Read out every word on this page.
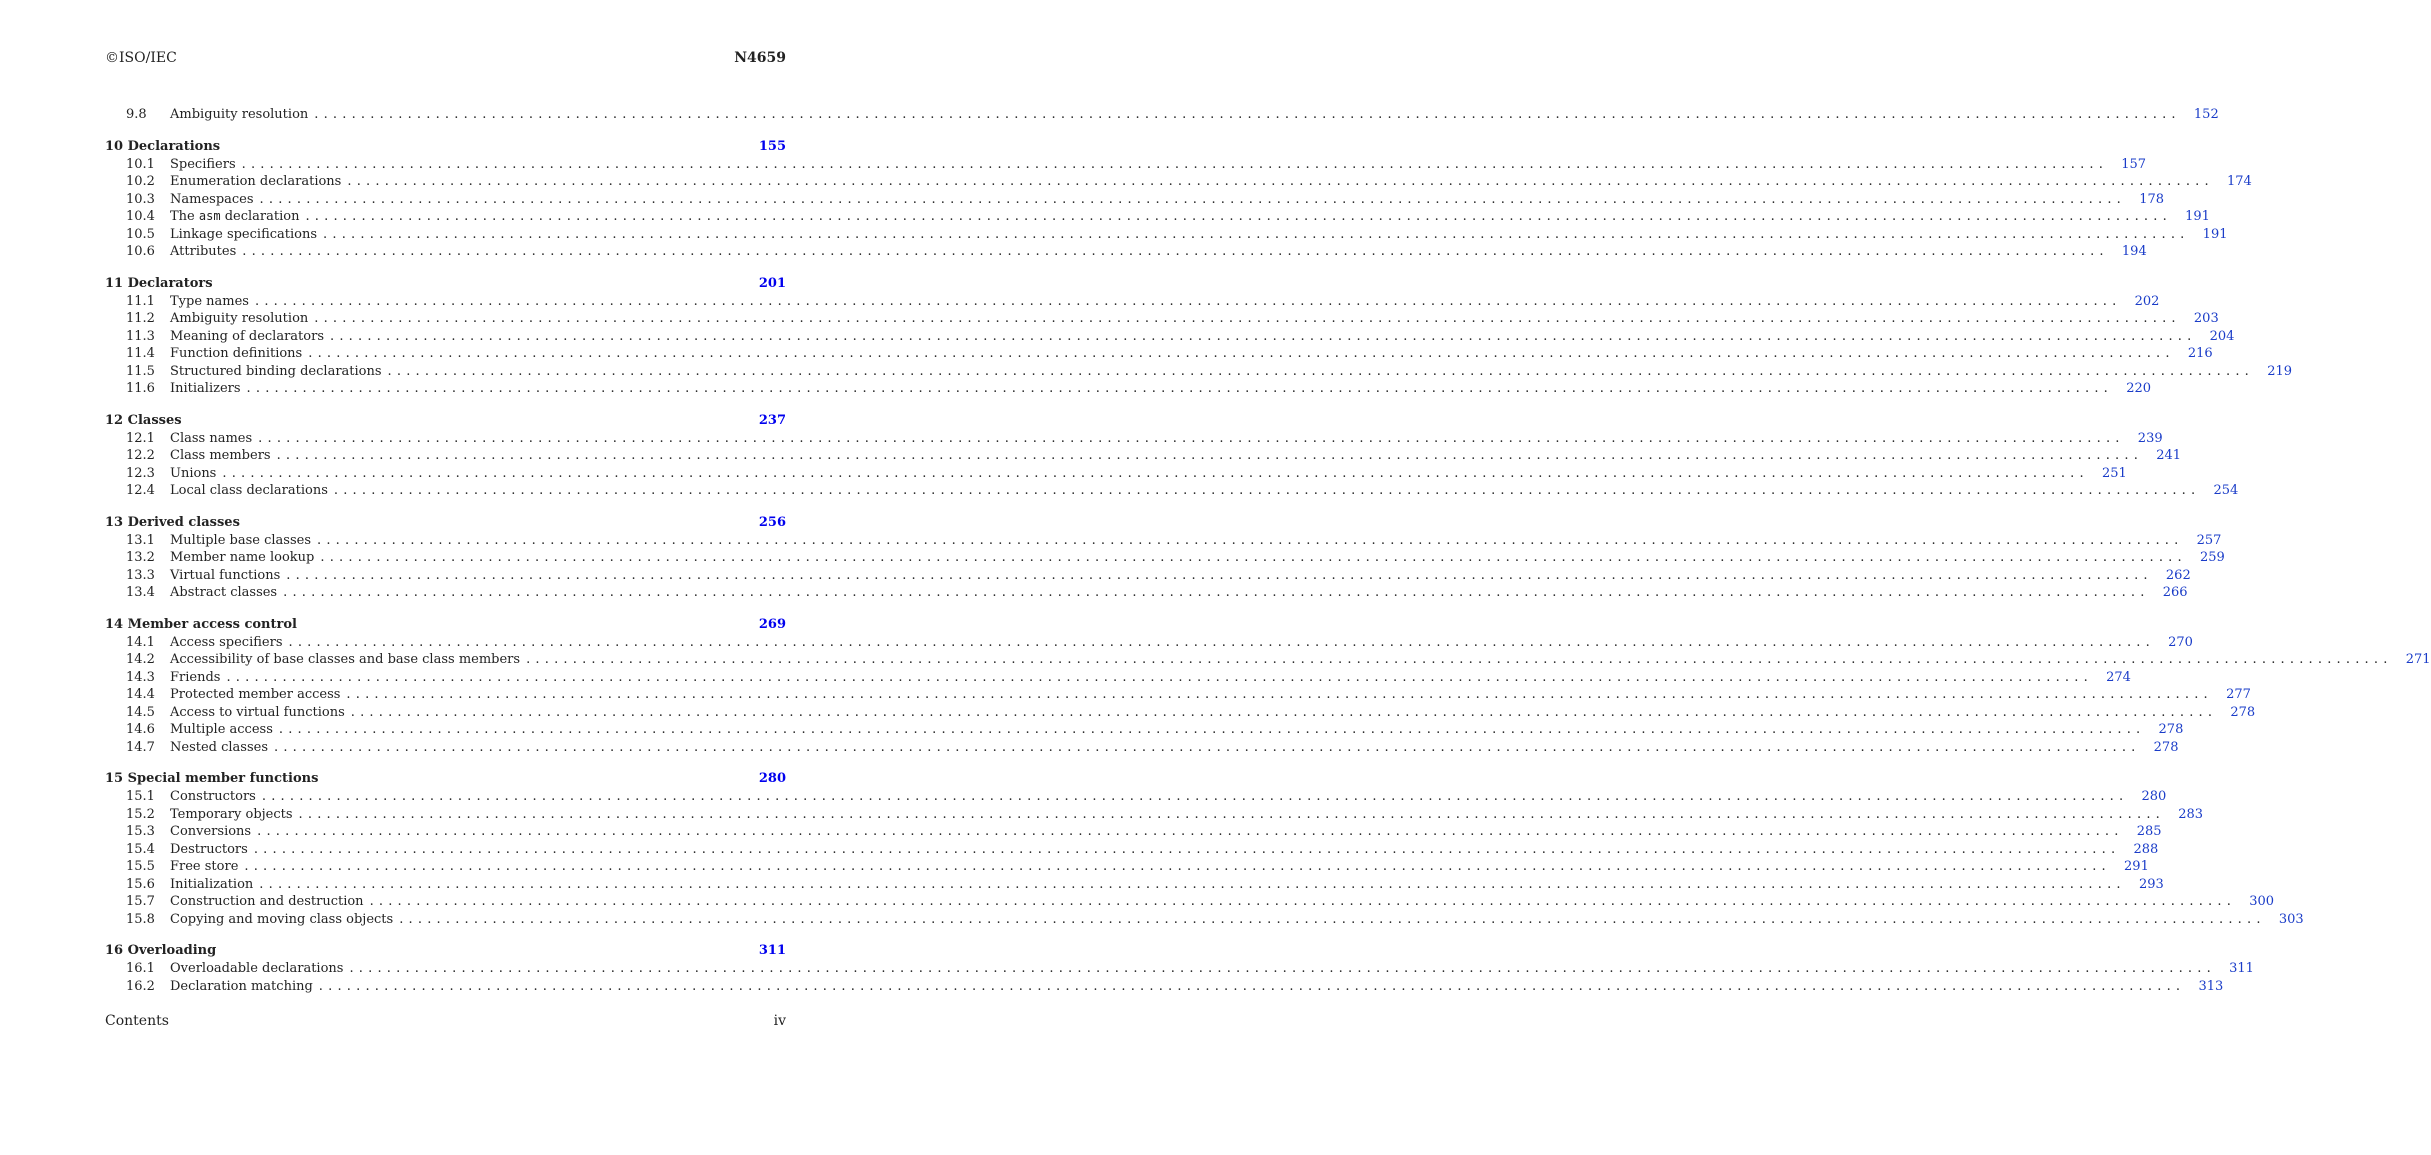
©ISO/IEC	N4659
9.8	Ambiguity resolution ........................................................................................................................................................................................................	152
10 Declarations	155
10.1	Specifiers ........................................................................................................................................................................................................	157
10.2	Enumeration declarations ........................................................................................................................................................................................................	174
10.3	Namespaces ........................................................................................................................................................................................................	178
10.4	The asm declaration ........................................................................................................................................................................................................	191
10.5	Linkage specifications ........................................................................................................................................................................................................	191
10.6	Attributes ........................................................................................................................................................................................................	194
11 Declarators	201
11.1	Type names ........................................................................................................................................................................................................	202
11.2	Ambiguity resolution ........................................................................................................................................................................................................	203
11.3	Meaning of declarators ........................................................................................................................................................................................................	204
11.4	Function definitions ........................................................................................................................................................................................................	216
11.5	Structured binding declarations ........................................................................................................................................................................................................	219
11.6	Initializers ........................................................................................................................................................................................................	220
12 Classes	237
12.1	Class names ........................................................................................................................................................................................................	239
12.2	Class members ........................................................................................................................................................................................................	241
12.3	Unions ........................................................................................................................................................................................................	251
12.4	Local class declarations ........................................................................................................................................................................................................	254
13 Derived classes	256
13.1	Multiple base classes ........................................................................................................................................................................................................	257
13.2	Member name lookup ........................................................................................................................................................................................................	259
13.3	Virtual functions ........................................................................................................................................................................................................	262
13.4	Abstract classes ........................................................................................................................................................................................................	266
14 Member access control	269
14.1	Access specifiers ........................................................................................................................................................................................................	270
14.2	Accessibility of base classes and base class members ........................................................................................................................................................................................................	271
14.3	Friends ........................................................................................................................................................................................................	274
14.4	Protected member access ........................................................................................................................................................................................................	277
14.5	Access to virtual functions ........................................................................................................................................................................................................	278
14.6	Multiple access ........................................................................................................................................................................................................	278
14.7	Nested classes ........................................................................................................................................................................................................	278
15 Special member functions	280
15.1	Constructors ........................................................................................................................................................................................................	280
15.2	Temporary objects ........................................................................................................................................................................................................	283
15.3	Conversions ........................................................................................................................................................................................................	285
15.4	Destructors ........................................................................................................................................................................................................	288
15.5	Free store ........................................................................................................................................................................................................	291
15.6	Initialization ........................................................................................................................................................................................................	293
15.7	Construction and destruction ........................................................................................................................................................................................................	300
15.8	Copying and moving class objects ........................................................................................................................................................................................................	303
16 Overloading	311
16.1	Overloadable declarations ........................................................................................................................................................................................................	311
16.2	Declaration matching ........................................................................................................................................................................................................	313
Contents	iv
